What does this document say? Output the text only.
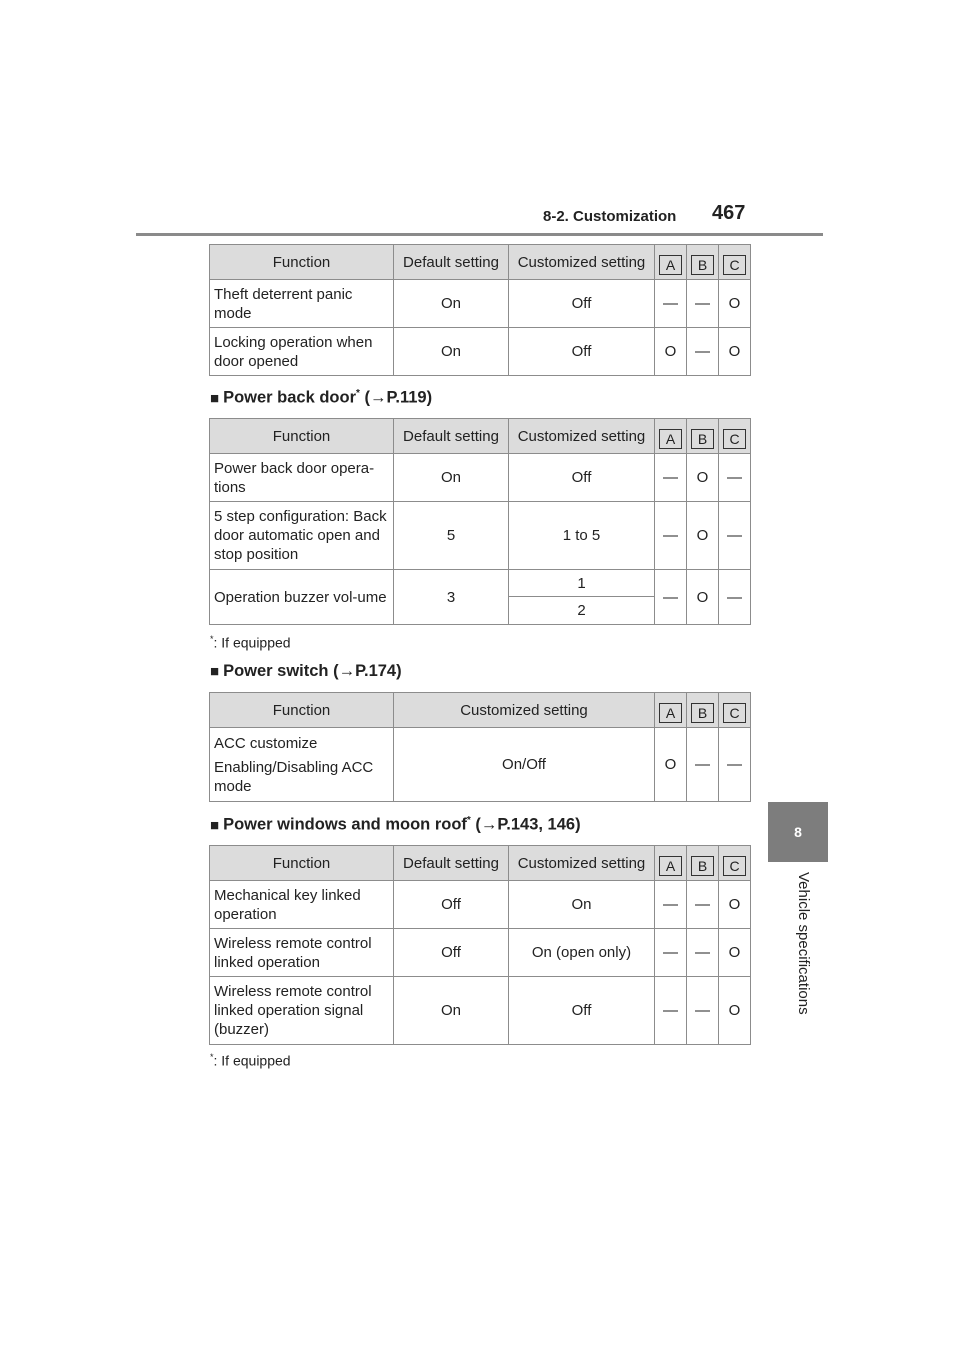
8-2. Customization 467
8
Vehicle specifications
Function	Default setting	Customized setting	A	B	C
Theft deterrent panic mode	On	Off	—	—	O
Locking operation when door opened	On	Off	O	—	O
■ Power back door* (→P.119)
Function	Default setting	Customized setting	A	B	C
Power back door opera-tions	On	Off	—	O	—
5 step configuration: Back door automatic open and stop position	5	1 to 5	—	O	—
Operation buzzer vol-ume	3	1	—	O	—
		2			
*: If equipped
■ Power switch (→P.174)
Function	Customized setting	A	B	C

ACC customize

Enabling/Disabling ACC mode	On/Off	O	—	—
■ Power windows and moon roof* (→P.143, 146)
Function	Default setting	Customized setting	A	B	C
Mechanical key linked operation	Off	On	—	—	O
Wireless remote control linked operation	Off	On (open only)	—	—	O
Wireless remote control linked operation signal (buzzer)	On	Off	—	—	O
*: If equipped
